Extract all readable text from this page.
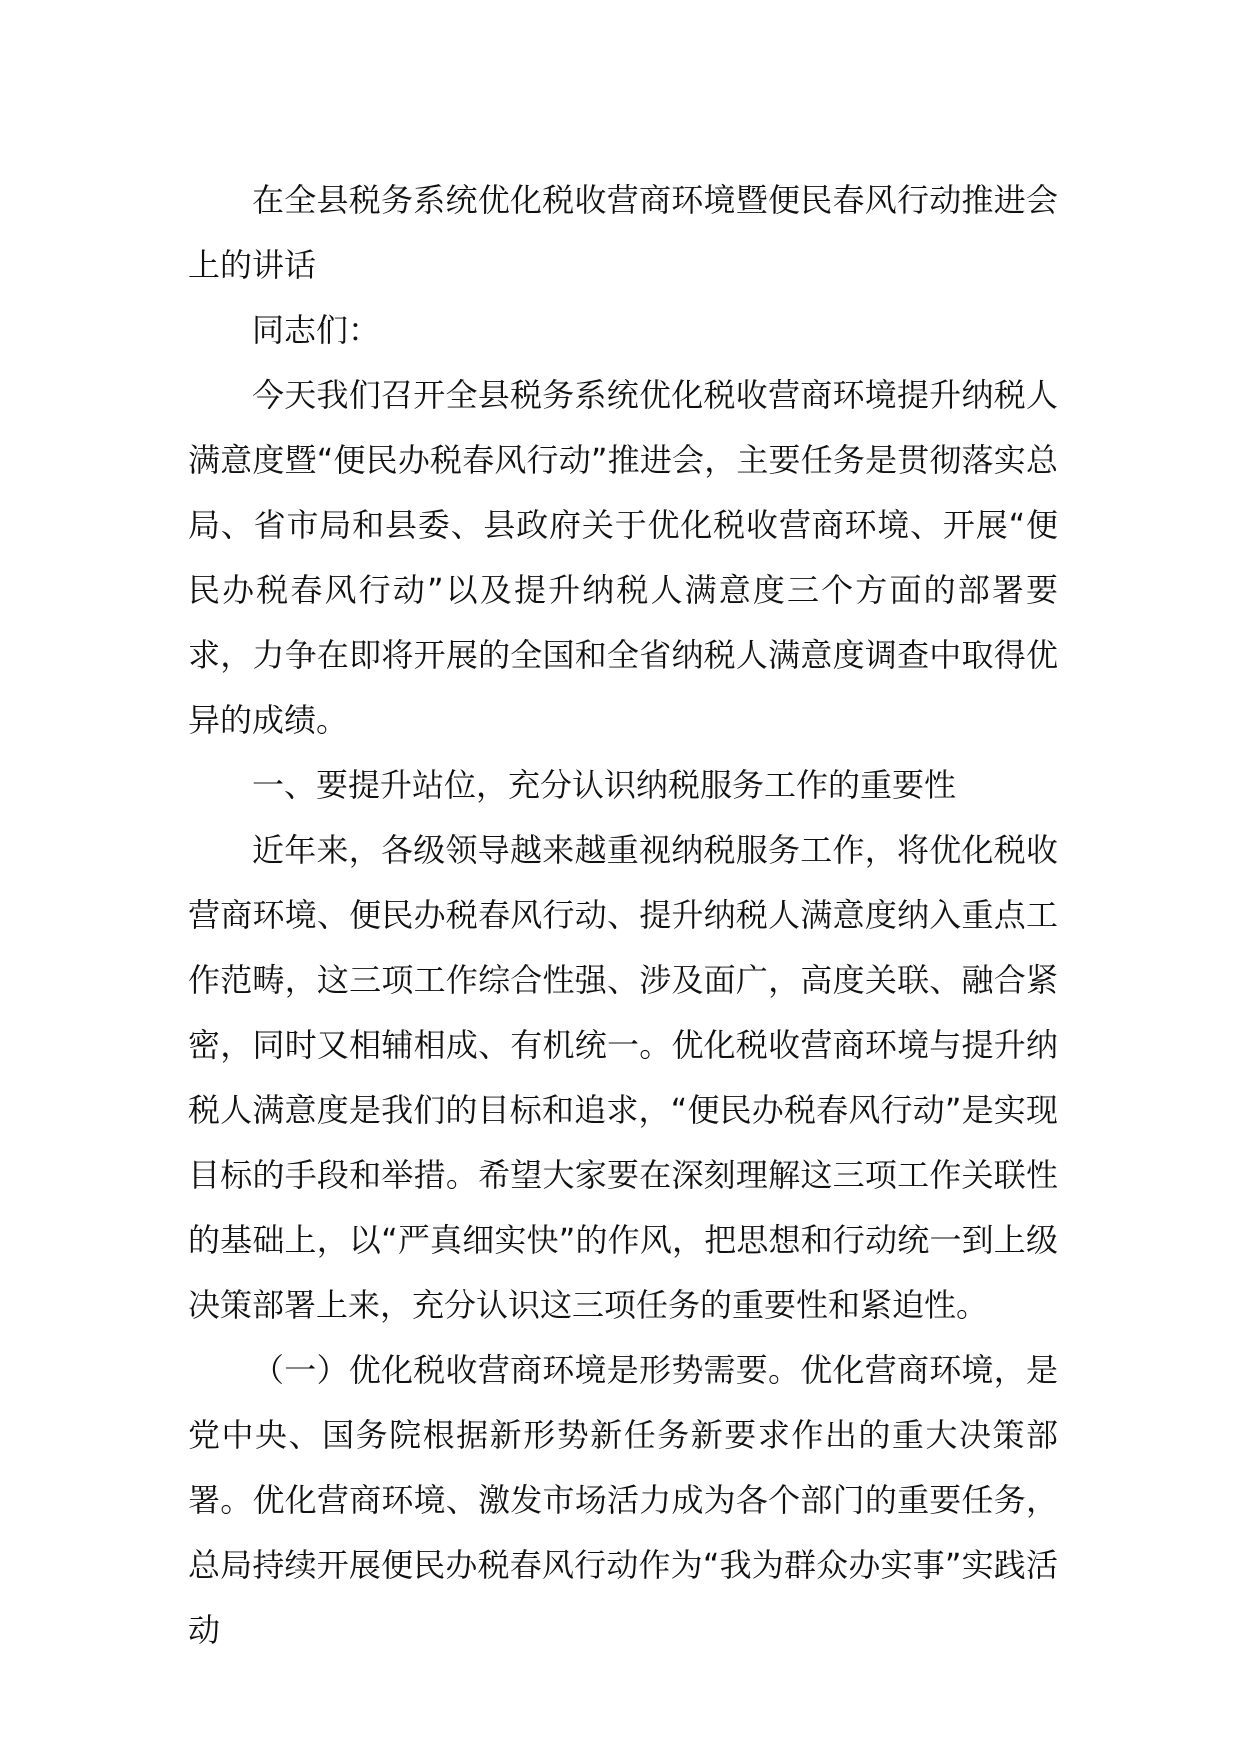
在全县税务系统优化税收营商环境暨便民春风行动推进会上的讲话

同志们：

今天我们召开全县税务系统优化税收营商环境提升纳税人满意度暨“便民办税春风行动”推进会，主要任务是贯彻落实总局、省市局和县委、县政府关于优化税收营商环境、开展“便民办税春风行动”以及提升纳税人满意度三个方面的部署要求，力争在即将开展的全国和全省纳税人满意度调查中取得优异的成绩。

一、要提升站位，充分认识纳税服务工作的重要性

近年来，各级领导越来越重视纳税服务工作，将优化税收营商环境、便民办税春风行动、提升纳税人满意度纳入重点工作范畴，这三项工作综合性强、涉及面广，高度关联、融合紧密，同时又相辅相成、有机统一。优化税收营商环境与提升纳税人满意度是我们的目标和追求，“便民办税春风行动”是实现目标的手段和举措。希望大家要在深刻理解这三项工作关联性的基础上，以“严真细实快”的作风，把思想和行动统一到上级决策部署上来，充分认识这三项任务的重要性和紧迫性。

（一）优化税收营商环境是形势需要。优化营商环境，是党中央、国务院根据新形势新任务新要求作出的重大决策部署。优化营商环境、激发市场活力成为各个部门的重要任务，总局持续开展便民办税春风行动作为“我为群众办实事”实践活动
